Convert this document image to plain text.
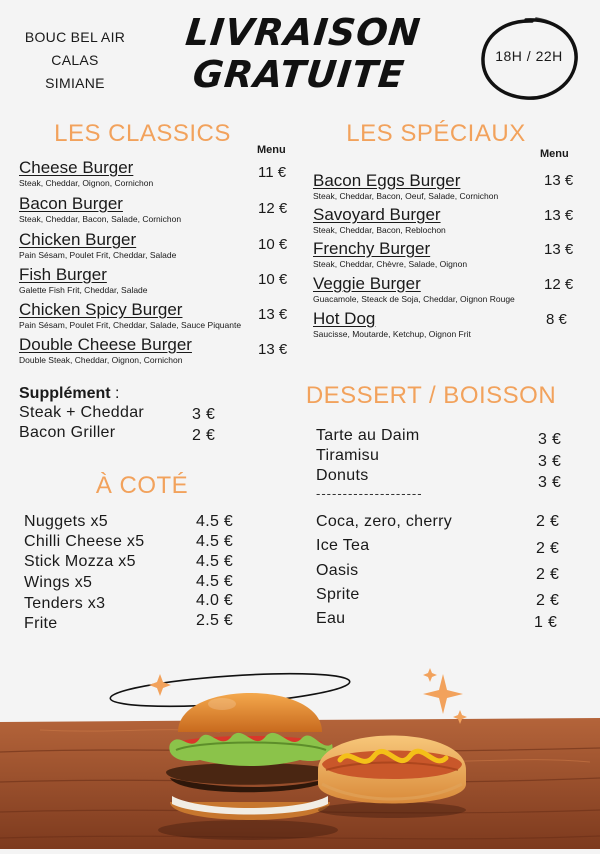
BOUC BEL AIR
CALAS
SIMIANE
LIVRAISON
GRATUITE	18H / 22H
LES CLASSICS
Menu
Cheese Burger
Steak, Cheddar, Oignon, Cornichon
11 €
Bacon Burger
Steak, Cheddar, Bacon, Salade, Cornichon
12 €
Chicken Burger
Pain Sésam, Poulet Frit, Cheddar, Salade
10 €
Fish Burger
Galette Fish Frit, Cheddar, Salade
10 €
Chicken Spicy Burger
Pain Sésam, Poulet Frit, Cheddar, Salade, Sauce Piquante
13 €
Double Cheese Burger
Double Steak, Cheddar, Oignon, Cornichon
13 €
LES SPÉCIAUX
Menu
Bacon Eggs Burger
Steak, Cheddar, Bacon, Oeuf, Salade, Cornichon
13 €
Savoyard Burger
Steak, Cheddar, Bacon, Reblochon
13 €
Frenchy Burger
Steak, Cheddar, Chèvre, Salade, Oignon
13 €
Veggie Burger
Guacamole, Steack de Soja, Cheddar, Oignon Rouge
12 €
Hot Dog
Saucisse, Moutarde, Ketchup, Oignon Frit
8 €
Supplément :
Steak + Cheddar	3 €
Bacon Griller	2 €
À COTÉ
Nuggets x5	4.5 €
Chilli Cheese x5	4.5 €
Stick Mozza x5	4.5 €
Wings x5	4.5 €
Tenders x3	4.0 €
Frite	2.5 €
DESSERT / BOISSON
Tarte au Daim	3 €
Tiramisu	3 €
Donuts	3 €
--------------------
Coca, zero, cherry	2 €
Ice Tea	2 €
Oasis	2 €
Sprite	2 €
Eau	1 €
